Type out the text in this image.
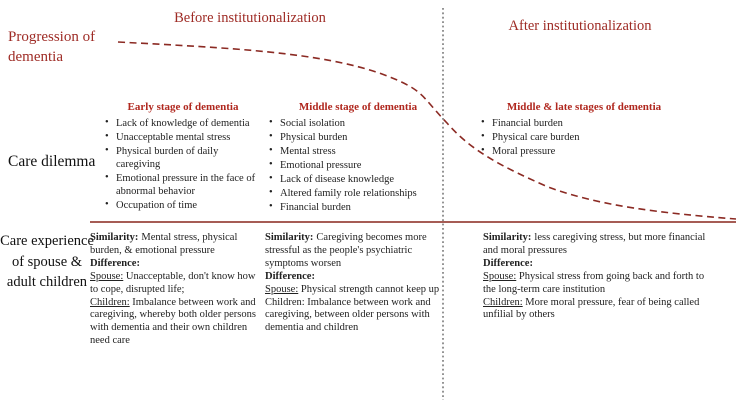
Progression of dementia
Care dilemma
Care experience of spouse & adult children
Before institutionalization	After institutionalization
Early stage of dementia
• Lack of knowledge of dementia
• Unacceptable mental stress
• Physical burden of daily caregiving
• Emotional pressure in the face of abnormal behavior
• Occupation of time
Middle stage of dementia
• Social isolation
• Physical burden
• Mental stress
• Emotional pressure
• Lack of disease knowledge
• Altered family role relationships
• Financial burden
Middle & late stages of dementia
• Financial burden
• Physical care burden
• Moral pressure
Similarity: Mental stress, physical burden, & emotional pressure
Difference:
Spouse: Unacceptable, don't know how to cope, disrupted life;
Children: Imbalance between work and caregiving, whereby both older persons with dementia and their own children need care
Similarity: Caregiving becomes more stressful as the people's psychiatric symptoms worsen
Difference:
Spouse: Physical strength cannot keep up
Children: Imbalance between work and caregiving, between older persons with dementia and children
Similarity: less caregiving stress, but more financial and moral pressures
Difference:
Spouse: Physical stress from going back and forth to the long-term care institution
Children: More moral pressure, fear of being called unfilial by others
